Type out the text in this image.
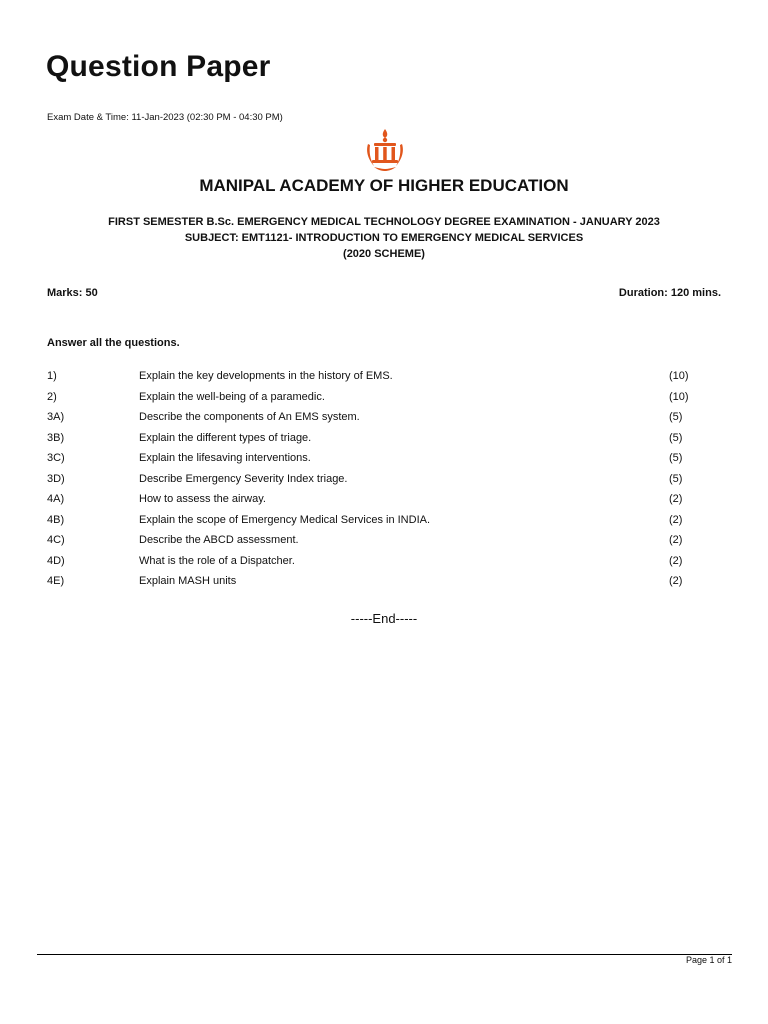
Question Paper
Exam Date & Time: 11-Jan-2023 (02:30 PM - 04:30 PM)
MANIPAL ACADEMY OF HIGHER EDUCATION
FIRST SEMESTER B.Sc. EMERGENCY MEDICAL TECHNOLOGY DEGREE EXAMINATION - JANUARY 2023
SUBJECT: EMT1121- INTRODUCTION TO EMERGENCY MEDICAL SERVICES
(2020 SCHEME)
Marks: 50	Duration: 120 mins.
Answer all the questions.
1)	Explain the key developments in the history of EMS.	(10)
2)	Explain the well-being of a paramedic.	(10)
3A)	Describe the components of An EMS system.	(5)
3B)	Explain the different types of triage.	(5)
3C)	Explain the lifesaving interventions.	(5)
3D)	Describe Emergency Severity Index triage.	(5)
4A)	How to assess the airway.	(2)
4B)	Explain the scope of Emergency Medical Services in INDIA.	(2)
4C)	Describe the ABCD assessment.	(2)
4D)	What is the role of a Dispatcher.	(2)
4E)	Explain MASH units	(2)
-----End-----
Page 1 of 1
